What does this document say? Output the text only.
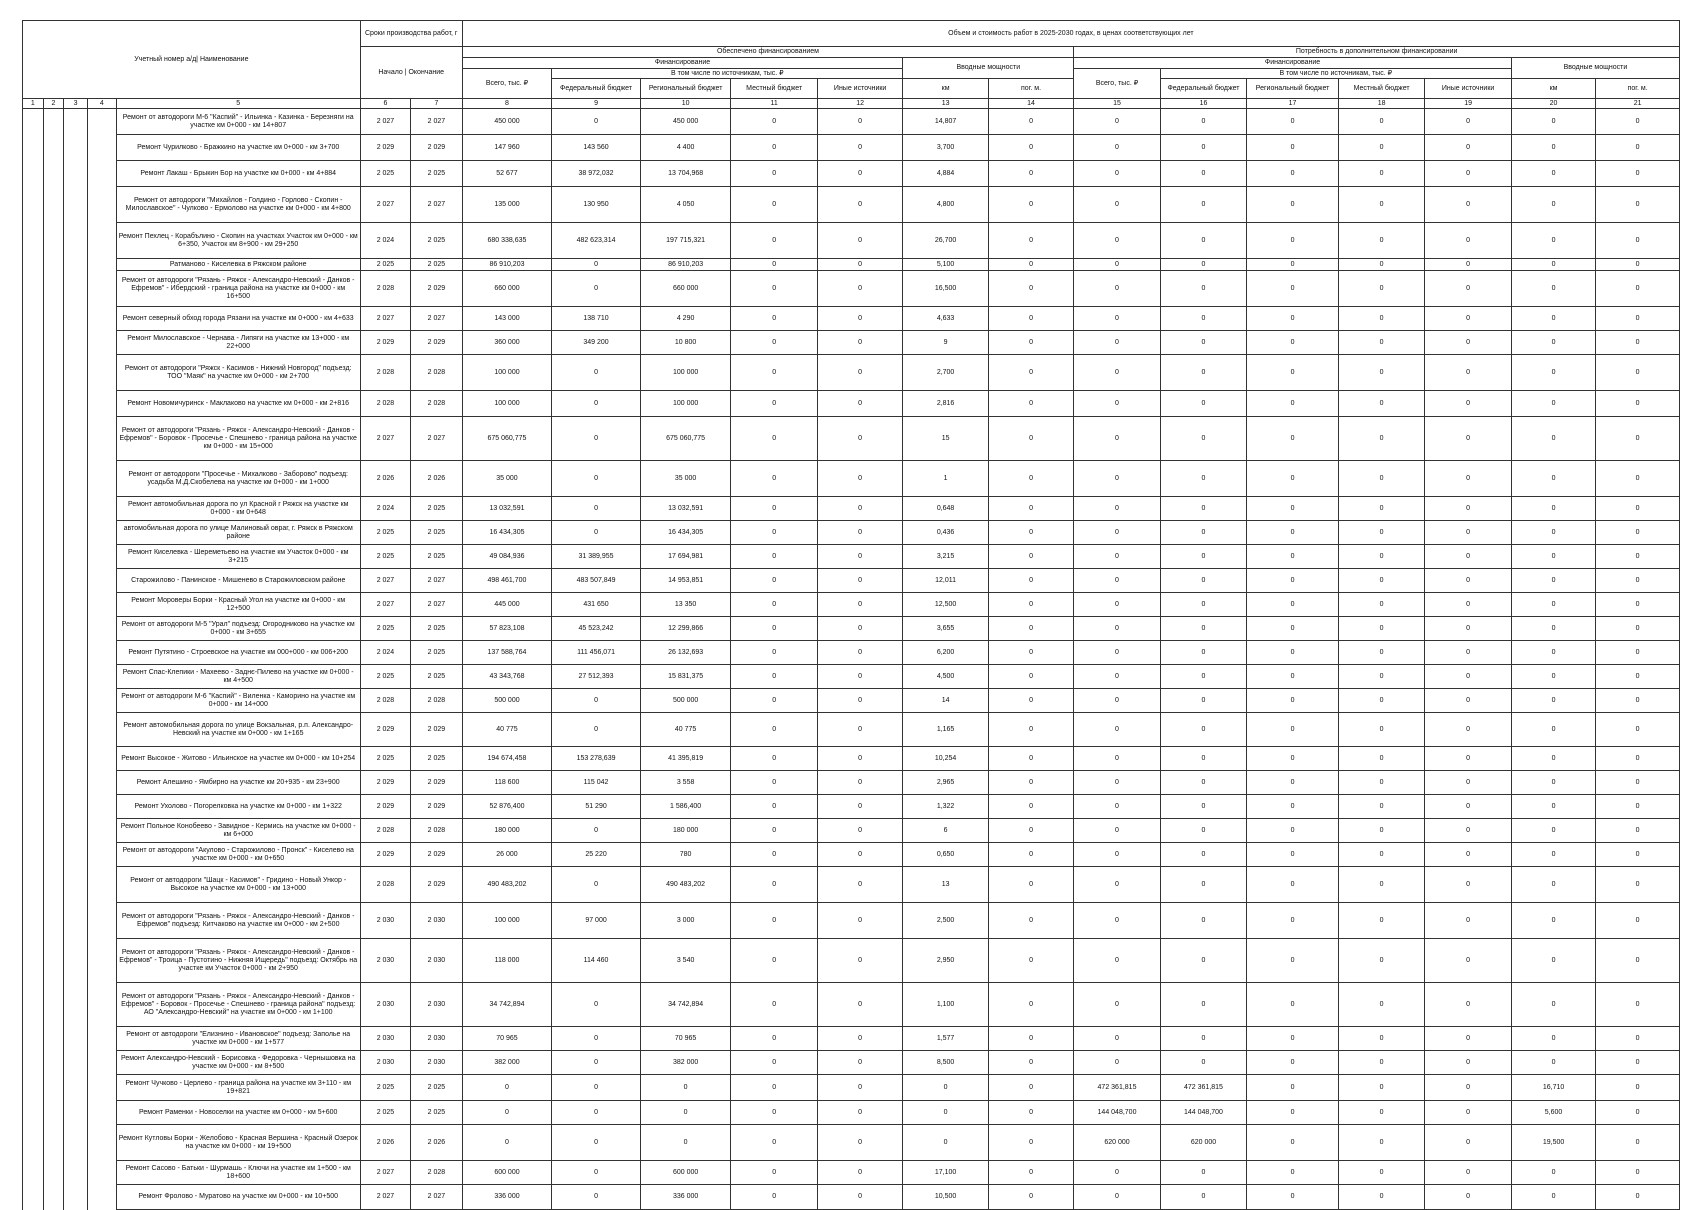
Учетный номер а/д| Наименование					Сроки производства работ, г		Объем и стоимость работ в 2025-2030 годах, в ценах соответствующих лет													
					Начало | Окончание		Обеспечено финансированием							Потребность в дополнительном финансировании						
							Финансирование					Вводные мощности		Финансирование					Вводные мощности	
							Всего, тыс. ₽	В том числе по источникам, тыс. ₽						Всего, тыс. ₽	В том числе по источникам, тыс. ₽					
								Федеральный бюджет	Региональный бюджет	Местный бюджет	Иные источники	км	пог. м.		Федеральный бюджет	Региональный бюджет	Местный бюджет	Иные источники	км	пог. м.
1	2	3	4	5	6	7	8	9	10	11	12	13	14	15	16	17	18	19	20	21
				Ремонт от автодороги М-6 "Каспий" - Ильинка - Казинка - Березняги на участке км 0+000 - км 14+807	2 027	2 027	450 000	0	450 000	0	0	14,807	0	0	0	0	0	0	0	0
				Ремонт Чурилково - Бражкино на участке км 0+000 - км 3+700	2 029	2 029	147 960	143 560	4 400	0	0	3,700	0	0	0	0	0	0	0	0
				Ремонт Лакаш - Брыкин Бор на участке км 0+000 - км 4+884	2 025	2 025	52 677	38 972,032	13 704,968	0	0	4,884	0	0	0	0	0	0	0	0
				Ремонт от автодороги "Михайлов - Голдино - Горлово - Скопин - Милославское" - Чулково - Ермолово на участке км 0+000 - км 4+800	2 027	2 027	135 000	130 950	4 050	0	0	4,800	0	0	0	0	0	0	0	0
				Ремонт Пехлец - Корабълино - Скопин на участках Участок км 0+000 - км 6+350, Участок км 8+900 - км 29+250	2 024	2 025	680 338,635	482 623,314	197 715,321	0	0	26,700	0	0	0	0	0	0	0	0
				Ратманово - Киселевка в Ряжском районе	2 025	2 025	86 910,203	0	86 910,203	0	0	5,100	0	0	0	0	0	0	0	0
				Ремонт от автодороги "Рязань - Ряжск - Александро-Невский - Данков - Ефремов" - Ибердский - граница района на участке км 0+000 - км 16+500	2 028	2 029	660 000	0	660 000	0	0	16,500	0	0	0	0	0	0	0	0
				Ремонт северный обход города Рязани на участке км 0+000 - км 4+633	2 027	2 027	143 000	138 710	4 290	0	0	4,633	0	0	0	0	0	0	0	0
				Ремонт Милославское - Чернава - Липяги на участке км 13+000 - км 22+000	2 029	2 029	360 000	349 200	10 800	0	0	9	0	0	0	0	0	0	0	0
				Ремонт от автодороги "Ряжск - Касимов - Нижний Новгород" подъезд: ТОО "Маяк" на участке км 0+000 - км 2+700	2 028	2 028	100 000	0	100 000	0	0	2,700	0	0	0	0	0	0	0	0
				Ремонт Новомичуринск - Маклаково на участке км 0+000 - км 2+816	2 028	2 028	100 000	0	100 000	0	0	2,816	0	0	0	0	0	0	0	0
				Ремонт от автодороги "Рязань - Ряжск - Александро-Невский - Данков - Ефремов" - Боровок - Просечье - Спешнево - граница района на участке км 0+000 - км 15+000	2 027	2 027	675 060,775	0	675 060,775	0	0	15	0	0	0	0	0	0	0	0
				Ремонт от автодороги "Просечье - Михалково - Заборово" подъезд: усадьба М.Д.Скобелева на участке км 0+000 - км 1+000	2 026	2 026	35 000	0	35 000	0	0	1	0	0	0	0	0	0	0	0
				Ремонт автомобильная дорога по ул Красной г Ряжск на участке км 0+000 - км 0+648	2 024	2 025	13 032,591	0	13 032,591	0	0	0,648	0	0	0	0	0	0	0	0
				автомобильная дорога по улице Малиновый овраг, г. Ряжск в Ряжском районе	2 025	2 025	16 434,305	0	16 434,305	0	0	0,436	0	0	0	0	0	0	0	0
				Ремонт Киселевка - Шереметьево на участке км Участок 0+000 - км 3+215	2 025	2 025	49 084,936	31 389,955	17 694,981	0	0	3,215	0	0	0	0	0	0	0	0
				Старожилово - Панинское - Мишенево в Старожиловском районе	2 027	2 027	498 461,700	483 507,849	14 953,851	0	0	12,011	0	0	0	0	0	0	0	0
				Ремонт Мороверы Борки - Красный Угол на участке км 0+000 - км 12+500	2 027	2 027	445 000	431 650	13 350	0	0	12,500	0	0	0	0	0	0	0	0
				Ремонт от автодороги М-5 "Урал" подъезд: Огородниково на участке км 0+000 - км 3+655	2 025	2 025	57 823,108	45 523,242	12 299,866	0	0	3,655	0	0	0	0	0	0	0	0
				Ремонт Путятино - Строевское на участке км 000+000 - км 006+200	2 024	2 025	137 588,764	111 456,071	26 132,693	0	0	6,200	0	0	0	0	0	0	0	0
				Ремонт Спас-Клепики - Махеево - Заднє-Пилево на участке км 0+000 - км 4+500	2 025	2 025	43 343,768	27 512,393	15 831,375	0	0	4,500	0	0	0	0	0	0	0	0
				Ремонт от автодороги М-6 "Каспий" - Виленка - Каморино на участке км 0+000 - км 14+000	2 028	2 028	500 000	0	500 000	0	0	14	0	0	0	0	0	0	0	0
				Ремонт автомобильная дорога по улице Вокзальная, р.п. Александро-Невский на участке км 0+000 - км 1+165	2 029	2 029	40 775	0	40 775	0	0	1,165	0	0	0	0	0	0	0	0
				Ремонт Высокое - Житово - Ильинское на участке км 0+000 - км 10+254	2 025	2 025	194 674,458	153 278,639	41 395,819	0	0	10,254	0	0	0	0	0	0	0	0
				Ремонт Алешино - Ямбирно на участке км 20+935 - км 23+900	2 029	2 029	118 600	115 042	3 558	0	0	2,965	0	0	0	0	0	0	0	0
				Ремонт Ухолово - Погорелковка на участке км 0+000 - км 1+322	2 029	2 029	52 876,400	51 290	1 586,400	0	0	1,322	0	0	0	0	0	0	0	0
				Ремонт Польное Конобеево - Завидное - Кермись на участке км 0+000 - км 6+000	2 028	2 028	180 000	0	180 000	0	0	6	0	0	0	0	0	0	0	0
				Ремонт от автодороги "Акулово - Старожилово - Пронск" - Киселево на участке км 0+000 - км 0+650	2 029	2 029	26 000	25 220	780	0	0	0,650	0	0	0	0	0	0	0	0
				Ремонт от автодороги "Шацк - Касимов" - Гридино - Новый Ункор - Высокое на участке км 0+000 - км 13+000	2 028	2 029	490 483,202	0	490 483,202	0	0	13	0	0	0	0	0	0	0	0
				Ремонт от автодороги "Рязань - Ряжск - Александро-Невский - Данков - Ефремов" подъезд: Китчаково на участке км 0+000 - км 2+500	2 030	2 030	100 000	97 000	3 000	0	0	2,500	0	0	0	0	0	0	0	0
				Ремонт от автодороги "Рязань - Ряжск - Александро-Невский - Данков - Ефремов" - Троица - Пустотино - Нижняя Ищередь" подъезд: Октябрь на участке км Участок 0+000 - км 2+950	2 030	2 030	118 000	114 460	3 540	0	0	2,950	0	0	0	0	0	0	0	0
				Ремонт от автодороги "Рязань - Ряжск - Александро-Невский - Данков - Ефремов" - Боровок - Просечье - Спешнево - граница района" подъезд: АО "Александро-Невский" на участке км 0+000 - км 1+100	2 030	2 030	34 742,894	0	34 742,894	0	0	1,100	0	0	0	0	0	0	0	0
				Ремонт от автодороги "Елизнино - Ивановское" подъезд: Заполье на участке км 0+000 - км 1+577	2 030	2 030	70 965	0	70 965	0	0	1,577	0	0	0	0	0	0	0	0
				Ремонт Александро-Невский - Борисовка - Федоровка - Чернышовка на участке км 0+000 - км 8+500	2 030	2 030	382 000	0	382 000	0	0	8,500	0	0	0	0	0	0	0	0
				Ремонт Чучково - Церлево - граница района на участке км 3+110 - км 19+821	2 025	2 025	0	0	0	0	0	0	0	472 361,815	472 361,815	0	0	0	16,710	0
				Ремонт Раменки - Новоселки на участке км 0+000 - км 5+600	2 025	2 025	0	0	0	0	0	0	0	144 048,700	144 048,700	0	0	0	5,600	0
				Ремонт Кутловы Борки - Желобово - Красная Вершина - Красный Озерок на участке км 0+000 - км 19+500	2 026	2 026	0	0	0	0	0	0	0	620 000	620 000	0	0	0	19,500	0
				Ремонт Сасово - Батьки - Шурмашь - Ключи на участке км 1+500 - км 18+600	2 027	2 028	600 000	0	600 000	0	0	17,100	0	0	0	0	0	0	0	0
				Ремонт Фролово - Муратово на участке км 0+000 - км 10+500	2 027	2 027	336 000	0	336 000	0	0	10,500	0	0	0	0	0	0	0	0
